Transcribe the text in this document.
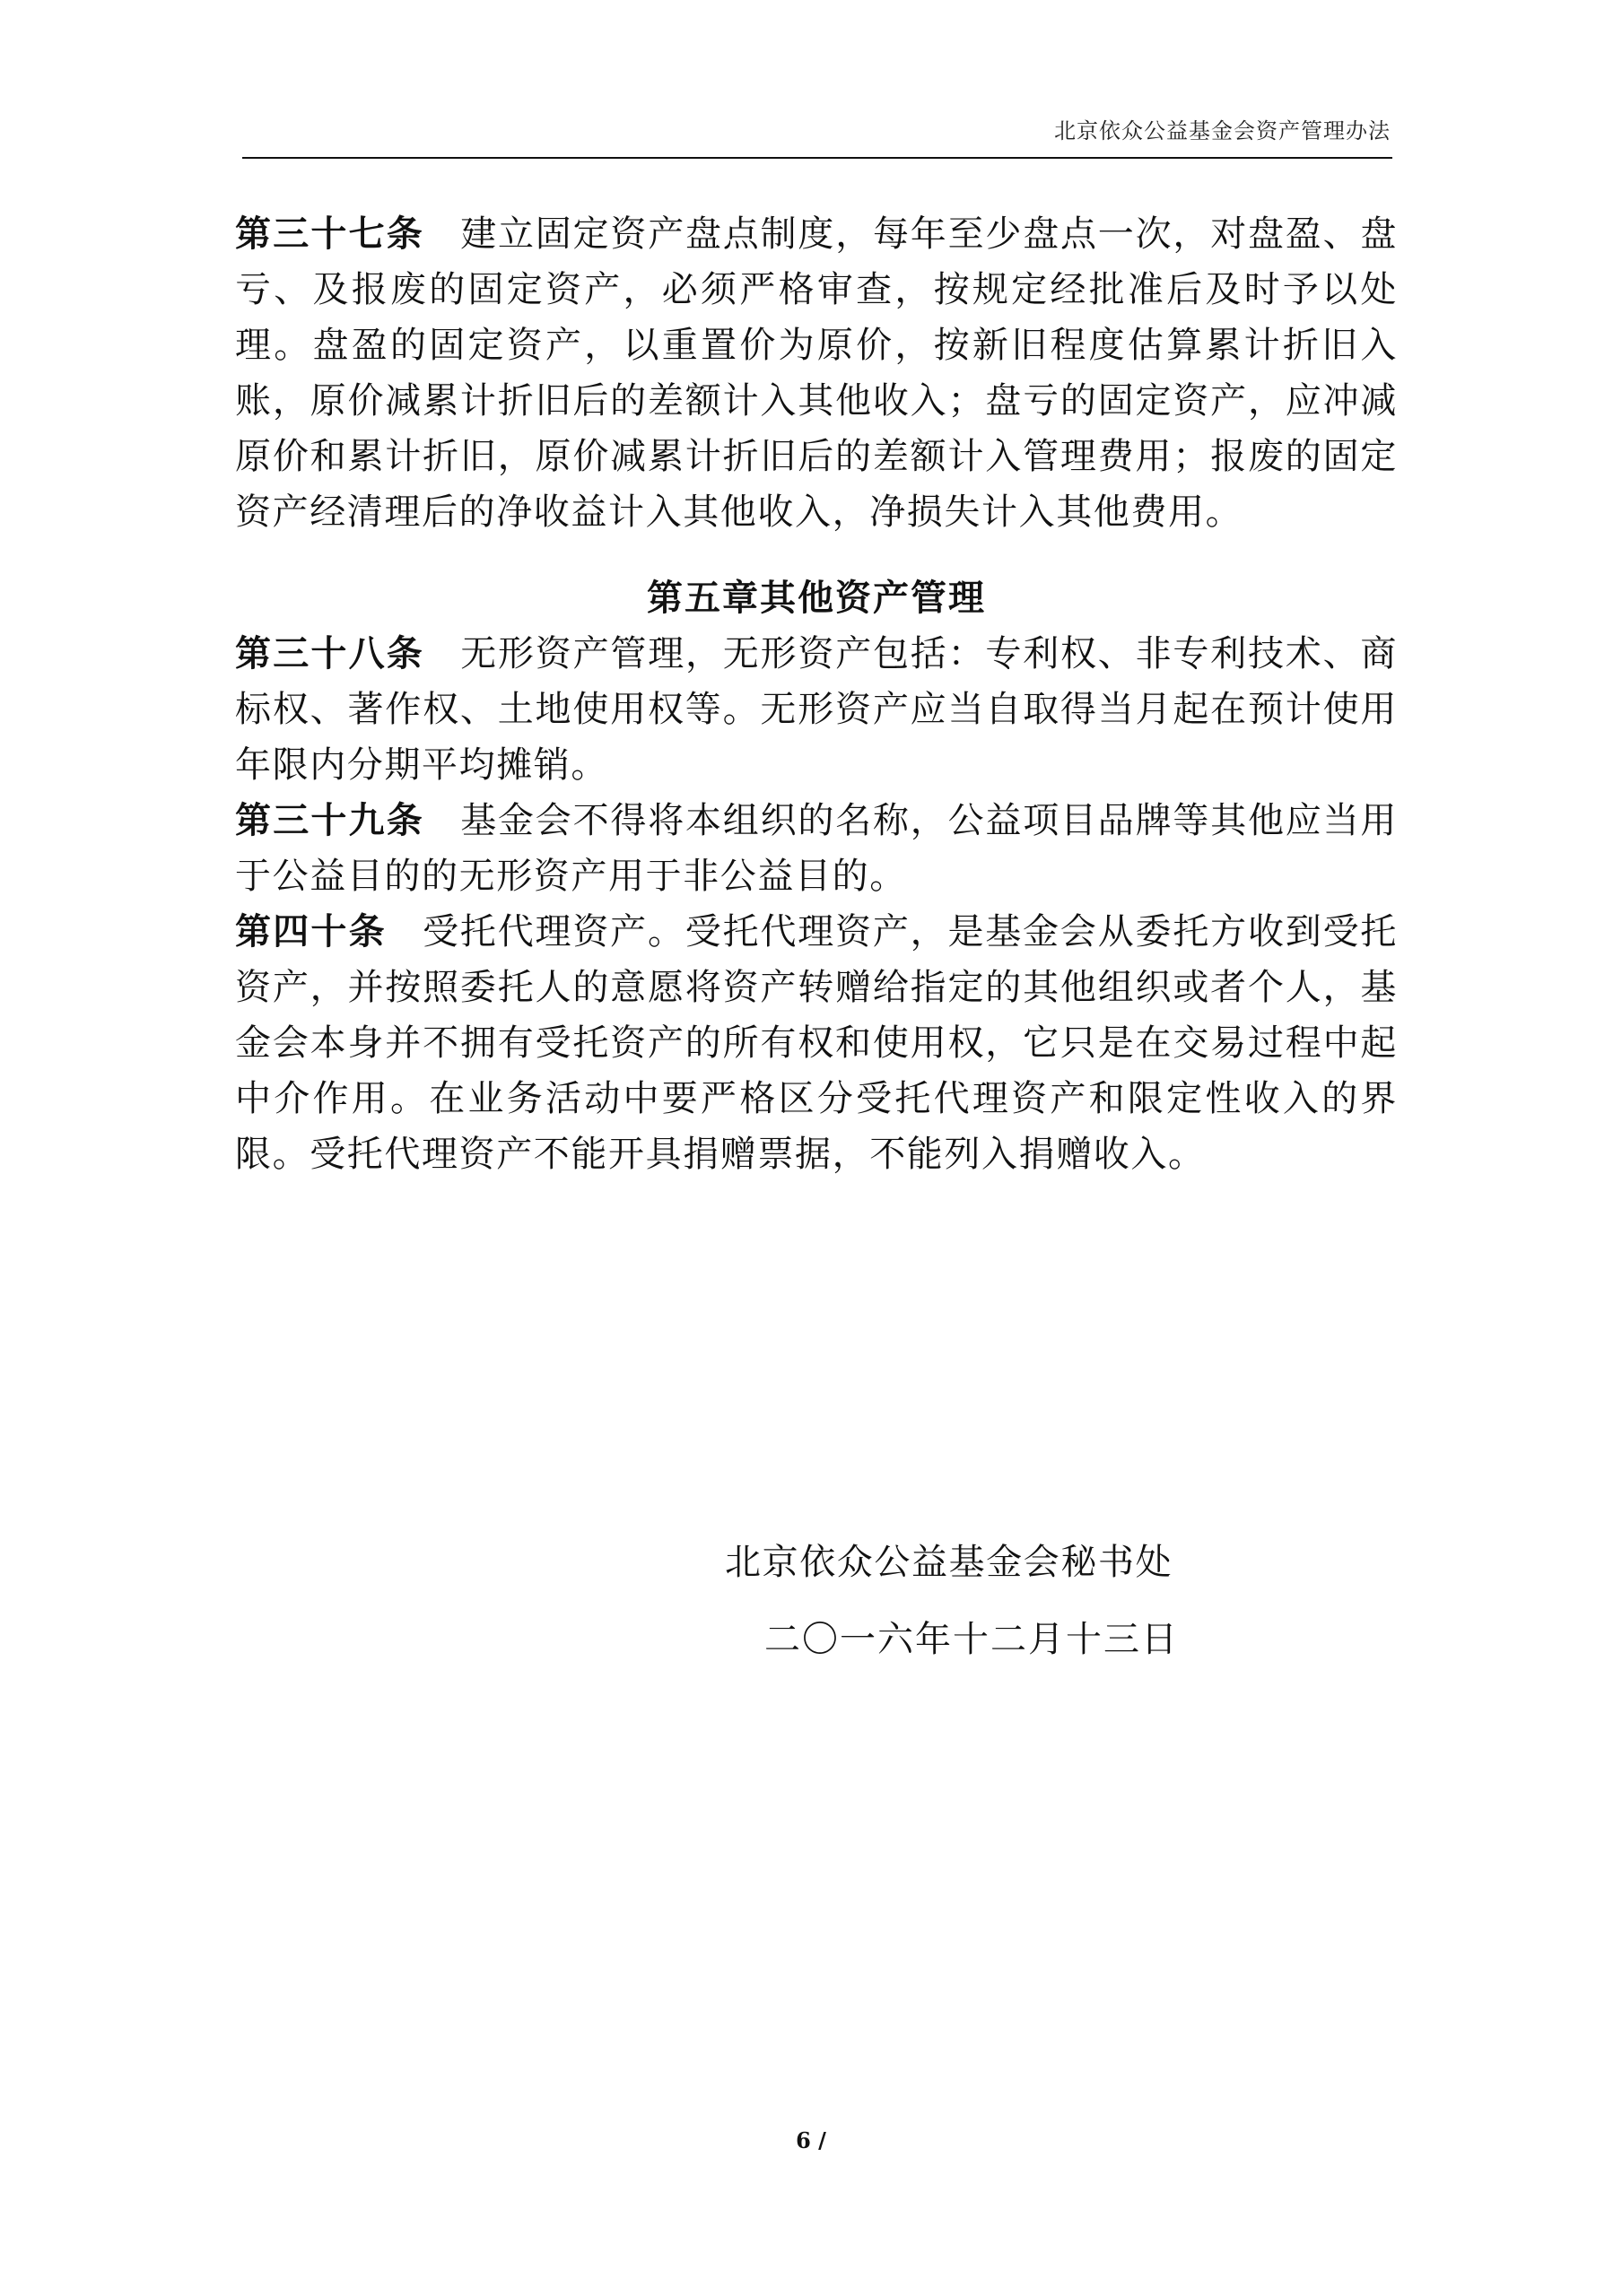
北京依众公益基金会资产管理办法

第三十七条 建立固定资产盘点制度，每年至少盘点一次，对盘盈、盘亏、及报废的固定资产，必须严格审查，按规定经批准后及时予以处理。盘盈的固定资产，以重置价为原价，按新旧程度估算累计折旧入账，原价减累计折旧后的差额计入其他收入；盘亏的固定资产，应冲减原价和累计折旧，原价减累计折旧后的差额计入管理费用；报废的固定资产经清理后的净收益计入其他收入，净损失计入其他费用。

第五章其他资产管理

第三十八条 无形资产管理，无形资产包括：专利权、非专利技术、商标权、著作权、土地使用权等。无形资产应当自取得当月起在预计使用年限内分期平均摊销。

第三十九条 基金会不得将本组织的名称，公益项目品牌等其他应当用于公益目的的无形资产用于非公益目的。

第四十条 受托代理资产。受托代理资产，是基金会从委托方收到受托资产，并按照委托人的意愿将资产转赠给指定的其他组织或者个人，基金会本身并不拥有受托资产的所有权和使用权，它只是在交易过程中起中介作用。在业务活动中要严格区分受托代理资产和限定性收入的界限。受托代理资产不能开具捐赠票据，不能列入捐赠收入。

北京依众公益基金会秘书处
二〇一六年十二月十三日
6 /
